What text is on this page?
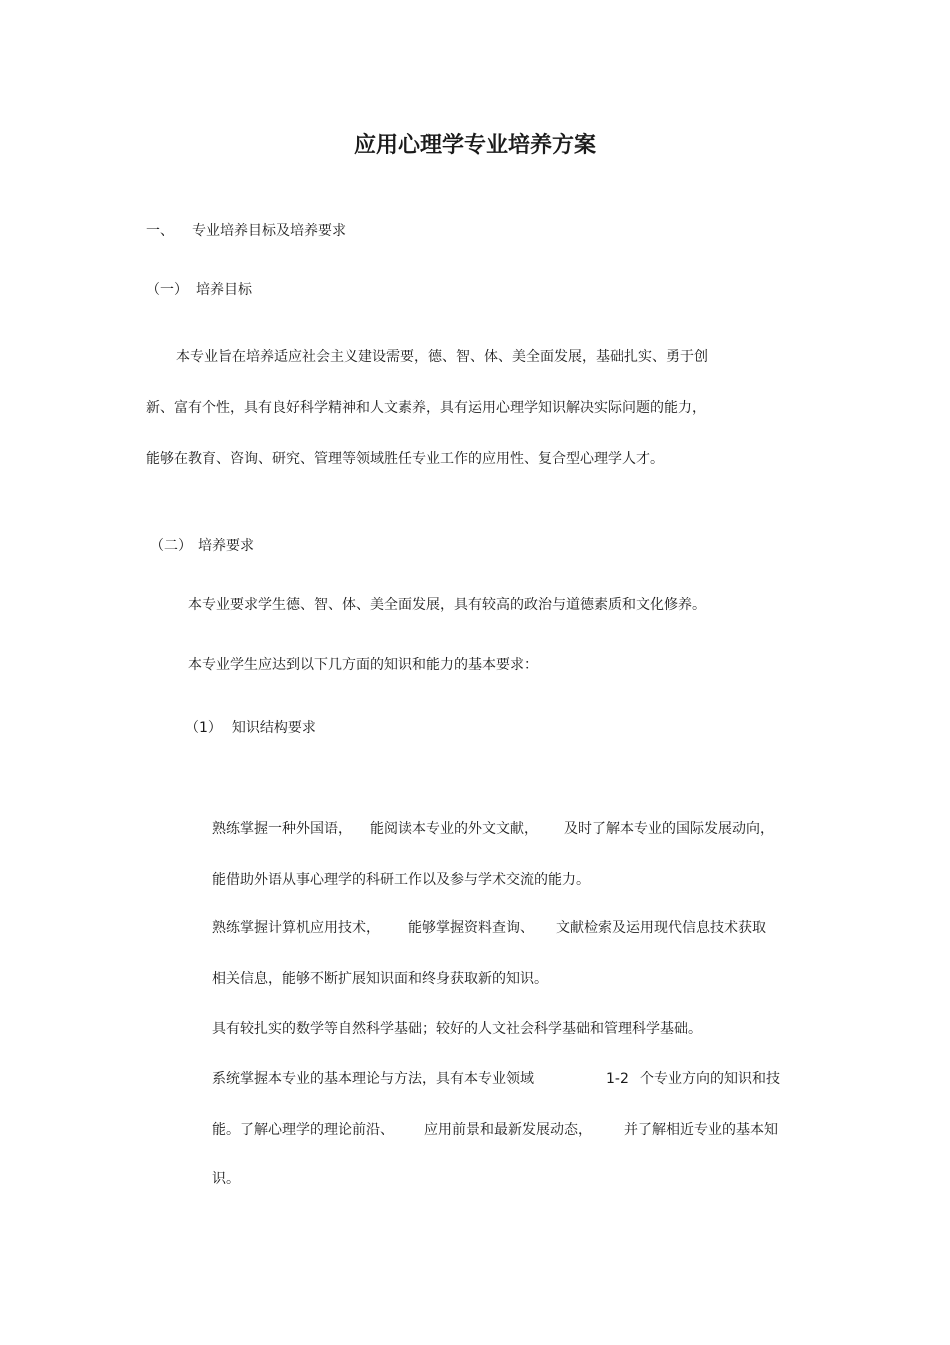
应用心理学专业培养方案
一、 专业培养目标及培养要求
（一） 培养目标

本专业旨在培养适应社会主义建设需要，德、智、体、美全面发展，基础扎实、勇于创

新、富有个性，具有良好科学精神和人文素养，具有运用心理学知识解决实际问题的能力，

能够在教育、咨询、研究、管理等领域胜任专业工作的应用性、复合型心理学人才。

（二） 培养要求

本专业要求学生德、智、体、美全面发展，具有较高的政治与道德素质和文化修养。

本专业学生应达到以下几方面的知识和能力的基本要求：

（1） 知识结构要求

熟练掌握一种外国语， 能阅读本专业的外文文献， 及时了解本专业的国际发展动向，

能借助外语从事心理学的科研工作以及参与学术交流的能力。

熟练掌握计算机应用技术， 能够掌握资料查询、 文献检索及运用现代信息技术获取

相关信息，能够不断扩展知识面和终身获取新的知识。

具有较扎实的数学等自然科学基础；较好的人文社会科学基础和管理科学基础。

系统掌握本专业的基本理论与方法，具有本专业领域	1-2 个专业方向的知识和技

能。了解心理学的理论前沿、 应用前景和最新发展动态， 并了解相近专业的基本知

识。
